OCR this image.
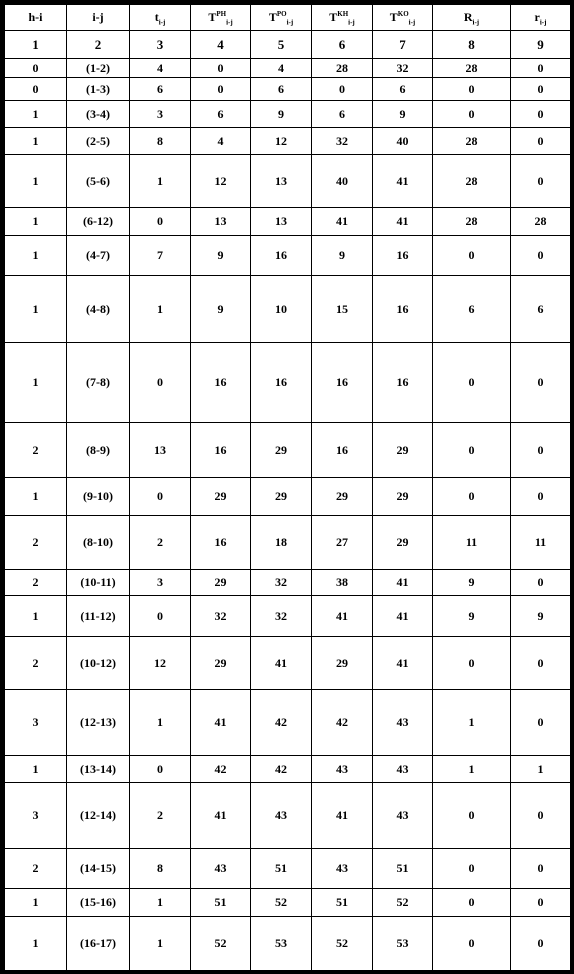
h-i	i-j	$t_{i-j}$	$T^{PH}_{i-j}$	$T^{PO}_{i-j}$	$T^{KH}_{i-j}$	$T^{KO}_{i-j}$	$R_{i-j}$	$r_{i-j}$
1	2	3	4	5	6	7	8	9
0	(1-2)	4	0	4	28	32	28	0
0	(1-3)	6	0	6	0	6	0	0
1	(3-4)	3	6	9	6	9	0	0
1	(2-5)	8	4	12	32	40	28	0
1	(5-6)	1	12	13	40	41	28	0
1	(6-12)	0	13	13	41	41	28	28
1	(4-7)	7	9	16	9	16	0	0
1	(4-8)	1	9	10	15	16	6	6
1	(7-8)	0	16	16	16	16	0	0
2	(8-9)	13	16	29	16	29	0	0
1	(9-10)	0	29	29	29	29	0	0
2	(8-10)	2	16	18	27	29	11	11
2	(10-11)	3	29	32	38	41	9	0
1	(11-12)	0	32	32	41	41	9	9
2	(10-12)	12	29	41	29	41	0	0
3	(12-13)	1	41	42	42	43	1	0
1	(13-14)	0	42	42	43	43	1	1
3	(12-14)	2	41	43	41	43	0	0
2	(14-15)	8	43	51	43	51	0	0
1	(15-16)	1	51	52	51	52	0	0
1	(16-17)	1	52	53	52	53	0	0
